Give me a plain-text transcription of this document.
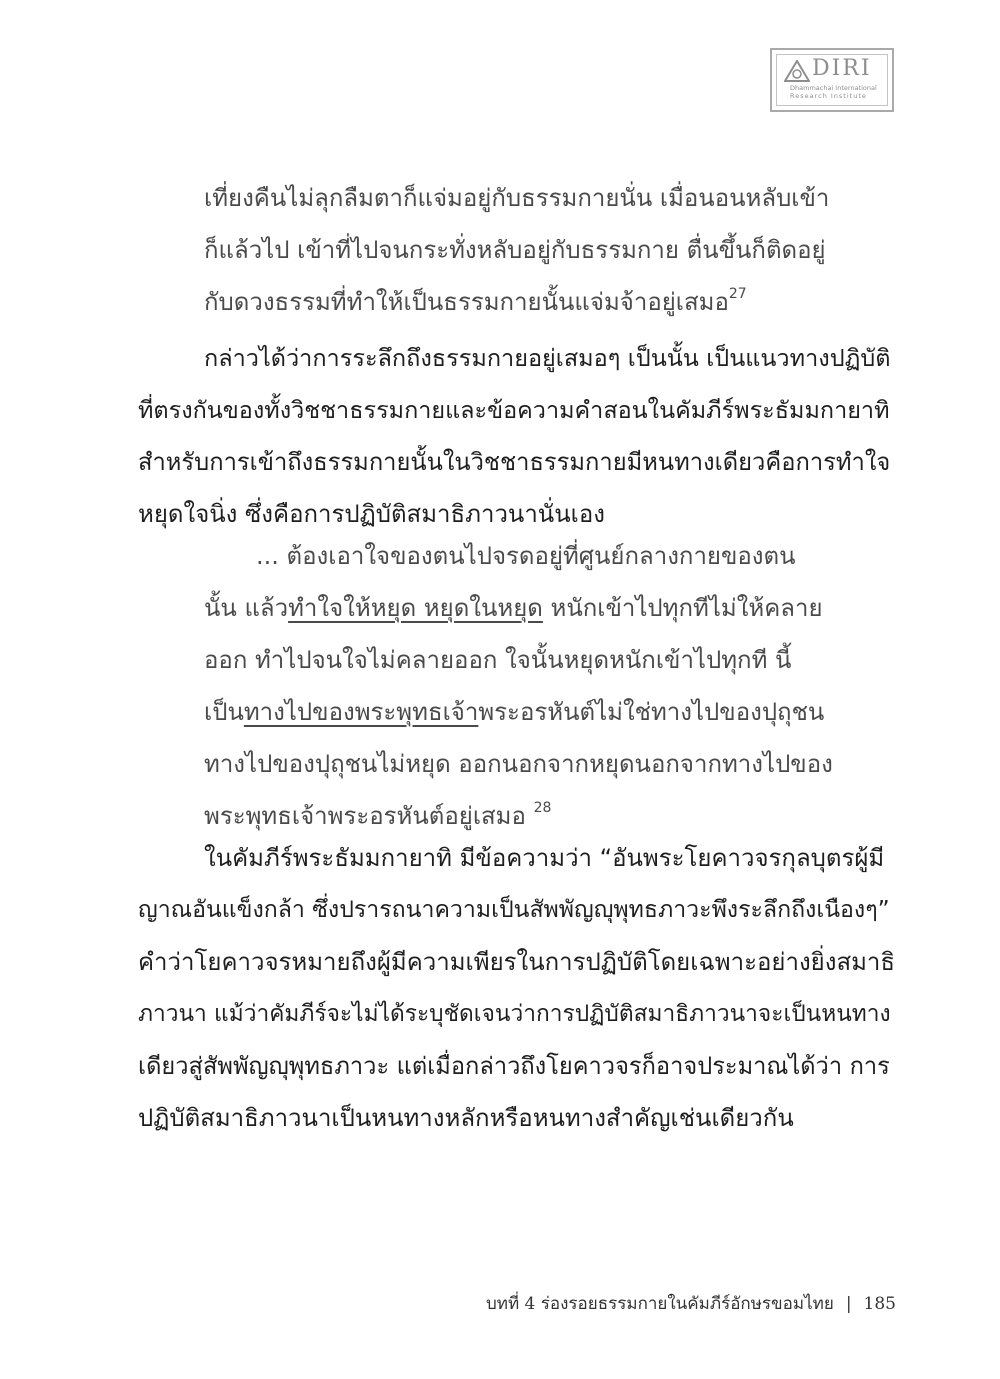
DIRI
Dhammachai International
Research Institute
เที่ยงคืนไม่ลุกลืมตาก็แจ่มอยู่กับธรรมกายนั่น เมื่อนอนหลับเข้า
ก็แล้วไป เข้าที่ไปจนกระทั่งหลับอยู่กับธรรมกาย ตื่นขึ้นก็ติดอยู่
กับดวงธรรมที่ทำให้เป็นธรรมกายนั้นแจ่มจ้าอยู่เสมอ$^{27}$
กล่าวได้ว่าการระลึกถึงธรรมกายอยู่เสมอๆ เป็นนั้น เป็นแนวทางปฏิบัติ
ที่ตรงกันของทั้งวิชชาธรรมกายและข้อความคำสอนในคัมภีร์พระธัมมกายาทิ
สำหรับการเข้าถึงธรรมกายนั้นในวิชชาธรรมกายมีหนทางเดียวคือการทำใจ
หยุดใจนิ่ง ซึ่งคือการปฏิบัติสมาธิภาวนานั่นเอง
... ต้องเอาใจของตนไปจรดอยู่ที่ศูนย์กลางกายของตน
นั้น แล้วทำใจให้หยุด หยุดในหยุด หนักเข้าไปทุกทีไม่ให้คลาย
ออก ทำไปจนใจไม่คลายออก ใจนั้นหยุดหนักเข้าไปทุกที นี้
เป็นทางไปของพระพุทธเจ้าพระอรหันต์ไม่ใช่ทางไปของปุถุชน
ทางไปของปุถุชนไม่หยุด ออกนอกจากหยุดนอกจากทางไปของ
พระพุทธเจ้าพระอรหันต์อยู่เสมอ $^{28}$
ในคัมภีร์พระธัมมกายาทิ มีข้อความว่า “อันพระโยคาวจรกุลบุตรผู้มี
ญาณอันแข็งกล้า ซึ่งปรารถนาความเป็นสัพพัญญุพุทธภาวะพึงระลึกถึงเนืองๆ”
คำว่าโยคาวจรหมายถึงผู้มีความเพียรในการปฏิบัติโดยเฉพาะอย่างยิ่งสมาธิ
ภาวนา แม้ว่าคัมภีร์จะไม่ได้ระบุชัดเจนว่าการปฏิบัติสมาธิภาวนาจะเป็นหนทาง
เดียวสู่สัพพัญญุพุทธภาวะ แต่เมื่อกล่าวถึงโยคาวจรก็อาจประมาณได้ว่า การ
ปฏิบัติสมาธิภาวนาเป็นหนทางหลักหรือหนทางสำคัญเช่นเดียวกัน
บทที่ 4 ร่องรอยธรรมกายในคัมภีร์อักษรขอมไทย | 185
